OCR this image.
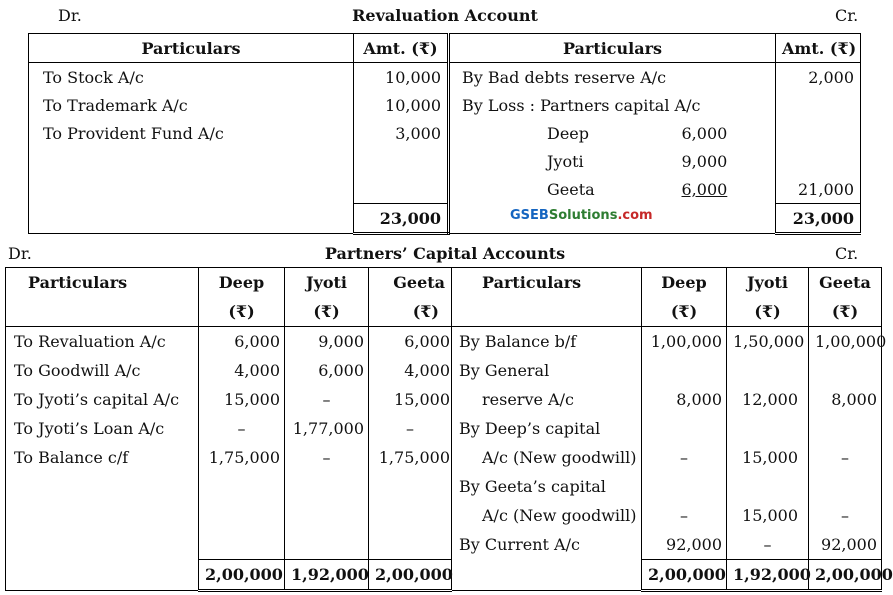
Dr.	Revaluation Account	Cr.
Particulars	Amt. (₹)	Particulars		Amt. (₹)
To Stock A/c	10,000	By Bad debts reserve A/c		2,000
To Trademark A/c	10,000	By Loss : Partners capital A/c		
To Provident Fund A/c	3,000	Deep	6,000	
		Jyoti	9,000	
		Geeta	6,000	21,000
	23,000	GSEBSolutions.com		23,000
Dr.	Partners’ Capital Accounts	Cr.
Particulars	Deep	Jyoti	Geeta	Particulars	Deep	Jyoti	Geeta
	(₹)	(₹)	(₹)		(₹)	(₹)	(₹)
To Revaluation A/c	6,000	9,000	6,000	By Balance b/f	1,00,000	1,50,000	1,00,000
To Goodwill A/c	4,000	6,000	4,000	By General			
To Jyoti’s capital A/c	15,000	–	15,000	reserve A/c	8,000	12,000	8,000
To Jyoti’s Loan A/c	–	1,77,000	–	By Deep’s capital			
To Balance c/f	1,75,000	–	1,75,000	A/c (New goodwill)	–	15,000	–
				By Geeta’s capital			
				A/c (New goodwill)	–	15,000	–
				By Current A/c	92,000	–	92,000
	2,00,000	1,92,000	2,00,000		2,00,000	1,92,000	2,00,000
